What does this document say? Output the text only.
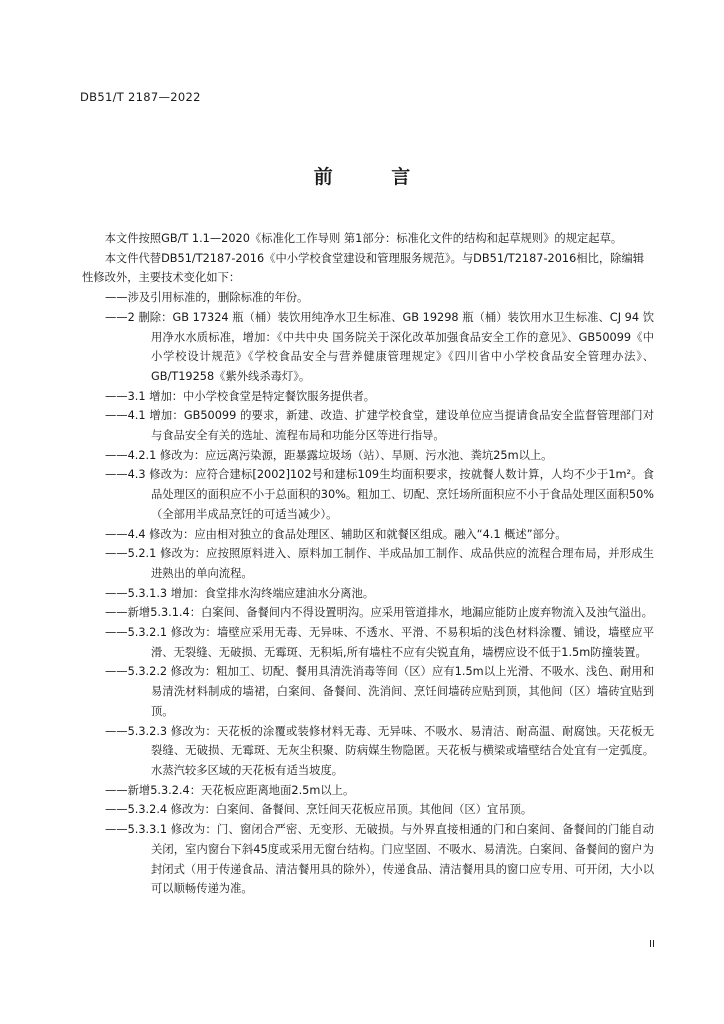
DB51/T 2187—2022
前 言

本文件按照GB/T 1.1—2020《标准化工作导则 第1部分：标准化文件的结构和起草规则》的规定起草。

本文件代替DB51/T2187-2016《中小学校食堂建设和管理服务规范》。与DB51/T2187-2016相比，除编辑性修改外，主要技术变化如下：

——涉及引用标准的，删除标准的年份。

——2 删除：GB 17324 瓶（桶）装饮用纯净水卫生标准、GB 19298 瓶（桶）装饮用水卫生标准、CJ 94 饮用净水水质标准，增加：《中共中央 国务院关于深化改革加强食品安全工作的意见》、GB50099《中小学校设计规范》《学校食品安全与营养健康管理规定》《四川省中小学校食品安全管理办法》、GB/T19258《紫外线杀毒灯》。

——3.1 增加：中小学校食堂是特定餐饮服务提供者。

——4.1 增加：GB50099 的要求，新建、改造、扩建学校食堂，建设单位应当提请食品安全监督管理部门对与食品安全有关的选址、流程布局和功能分区等进行指导。

——4.2.1 修改为：应远离污染源，距暴露垃圾场（站）、旱厕、污水池、粪坑25m以上。

——4.3 修改为：应符合建标[2002]102号和建标109生均面积要求，按就餐人数计算，人均不少于1m²。食品处理区的面积应不小于总面积的30%。粗加工、切配、烹饪场所面积应不小于食品处理区面积50%（全部用半成品烹饪的可适当减少）。

——4.4 修改为：应由相对独立的食品处理区、辅助区和就餐区组成。融入“4.1 概述”部分。

——5.2.1 修改为：应按照原料进入、原料加工制作、半成品加工制作、成品供应的流程合理布局，并形成生进熟出的单向流程。

——5.3.1.3 增加：食堂排水沟终端应建油水分离池。

——新增5.3.1.4：白案间、备餐间内不得设置明沟。应采用管道排水，地漏应能防止废弃物流入及浊气溢出。

——5.3.2.1 修改为：墙壁应采用无毒、无异味、不透水、平滑、不易积垢的浅色材料涂覆、铺设，墙壁应平滑、无裂缝、无破损、无霉斑、无积垢,所有墙柱不应有尖锐直角，墙楞应设不低于1.5m防撞装置。

——5.3.2.2 修改为：粗加工、切配、餐用具清洗消毒等间（区）应有1.5m以上光滑、不吸水、浅色、耐用和易清洗材料制成的墙裙，白案间、备餐间、洗消间、烹饪间墙砖应贴到顶，其他间（区）墙砖宜贴到顶。

——5.3.2.3 修改为：天花板的涂覆或装修材料无毒、无异味、不吸水、易清洁、耐高温、耐腐蚀。天花板无裂缝、无破损、无霉斑、无灰尘积聚、防病媒生物隐匿。天花板与横梁或墙壁结合处宜有一定弧度。水蒸汽较多区域的天花板有适当坡度。

——新增5.3.2.4：天花板应距离地面2.5m以上。

——5.3.2.4 修改为：白案间、备餐间、烹饪间天花板应吊顶。其他间（区）宜吊顶。

——5.3.3.1 修改为：门、窗闭合严密、无变形、无破损。与外界直接相通的门和白案间、备餐间的门能自动关闭，室内窗台下斜45度或采用无窗台结构。门应坚固、不吸水、易清洗。白案间、备餐间的窗户为封闭式（用于传递食品、清洁餐用具的除外），传递食品、清洁餐用具的窗口应专用、可开闭，大小以可以顺畅传递为准。

II
